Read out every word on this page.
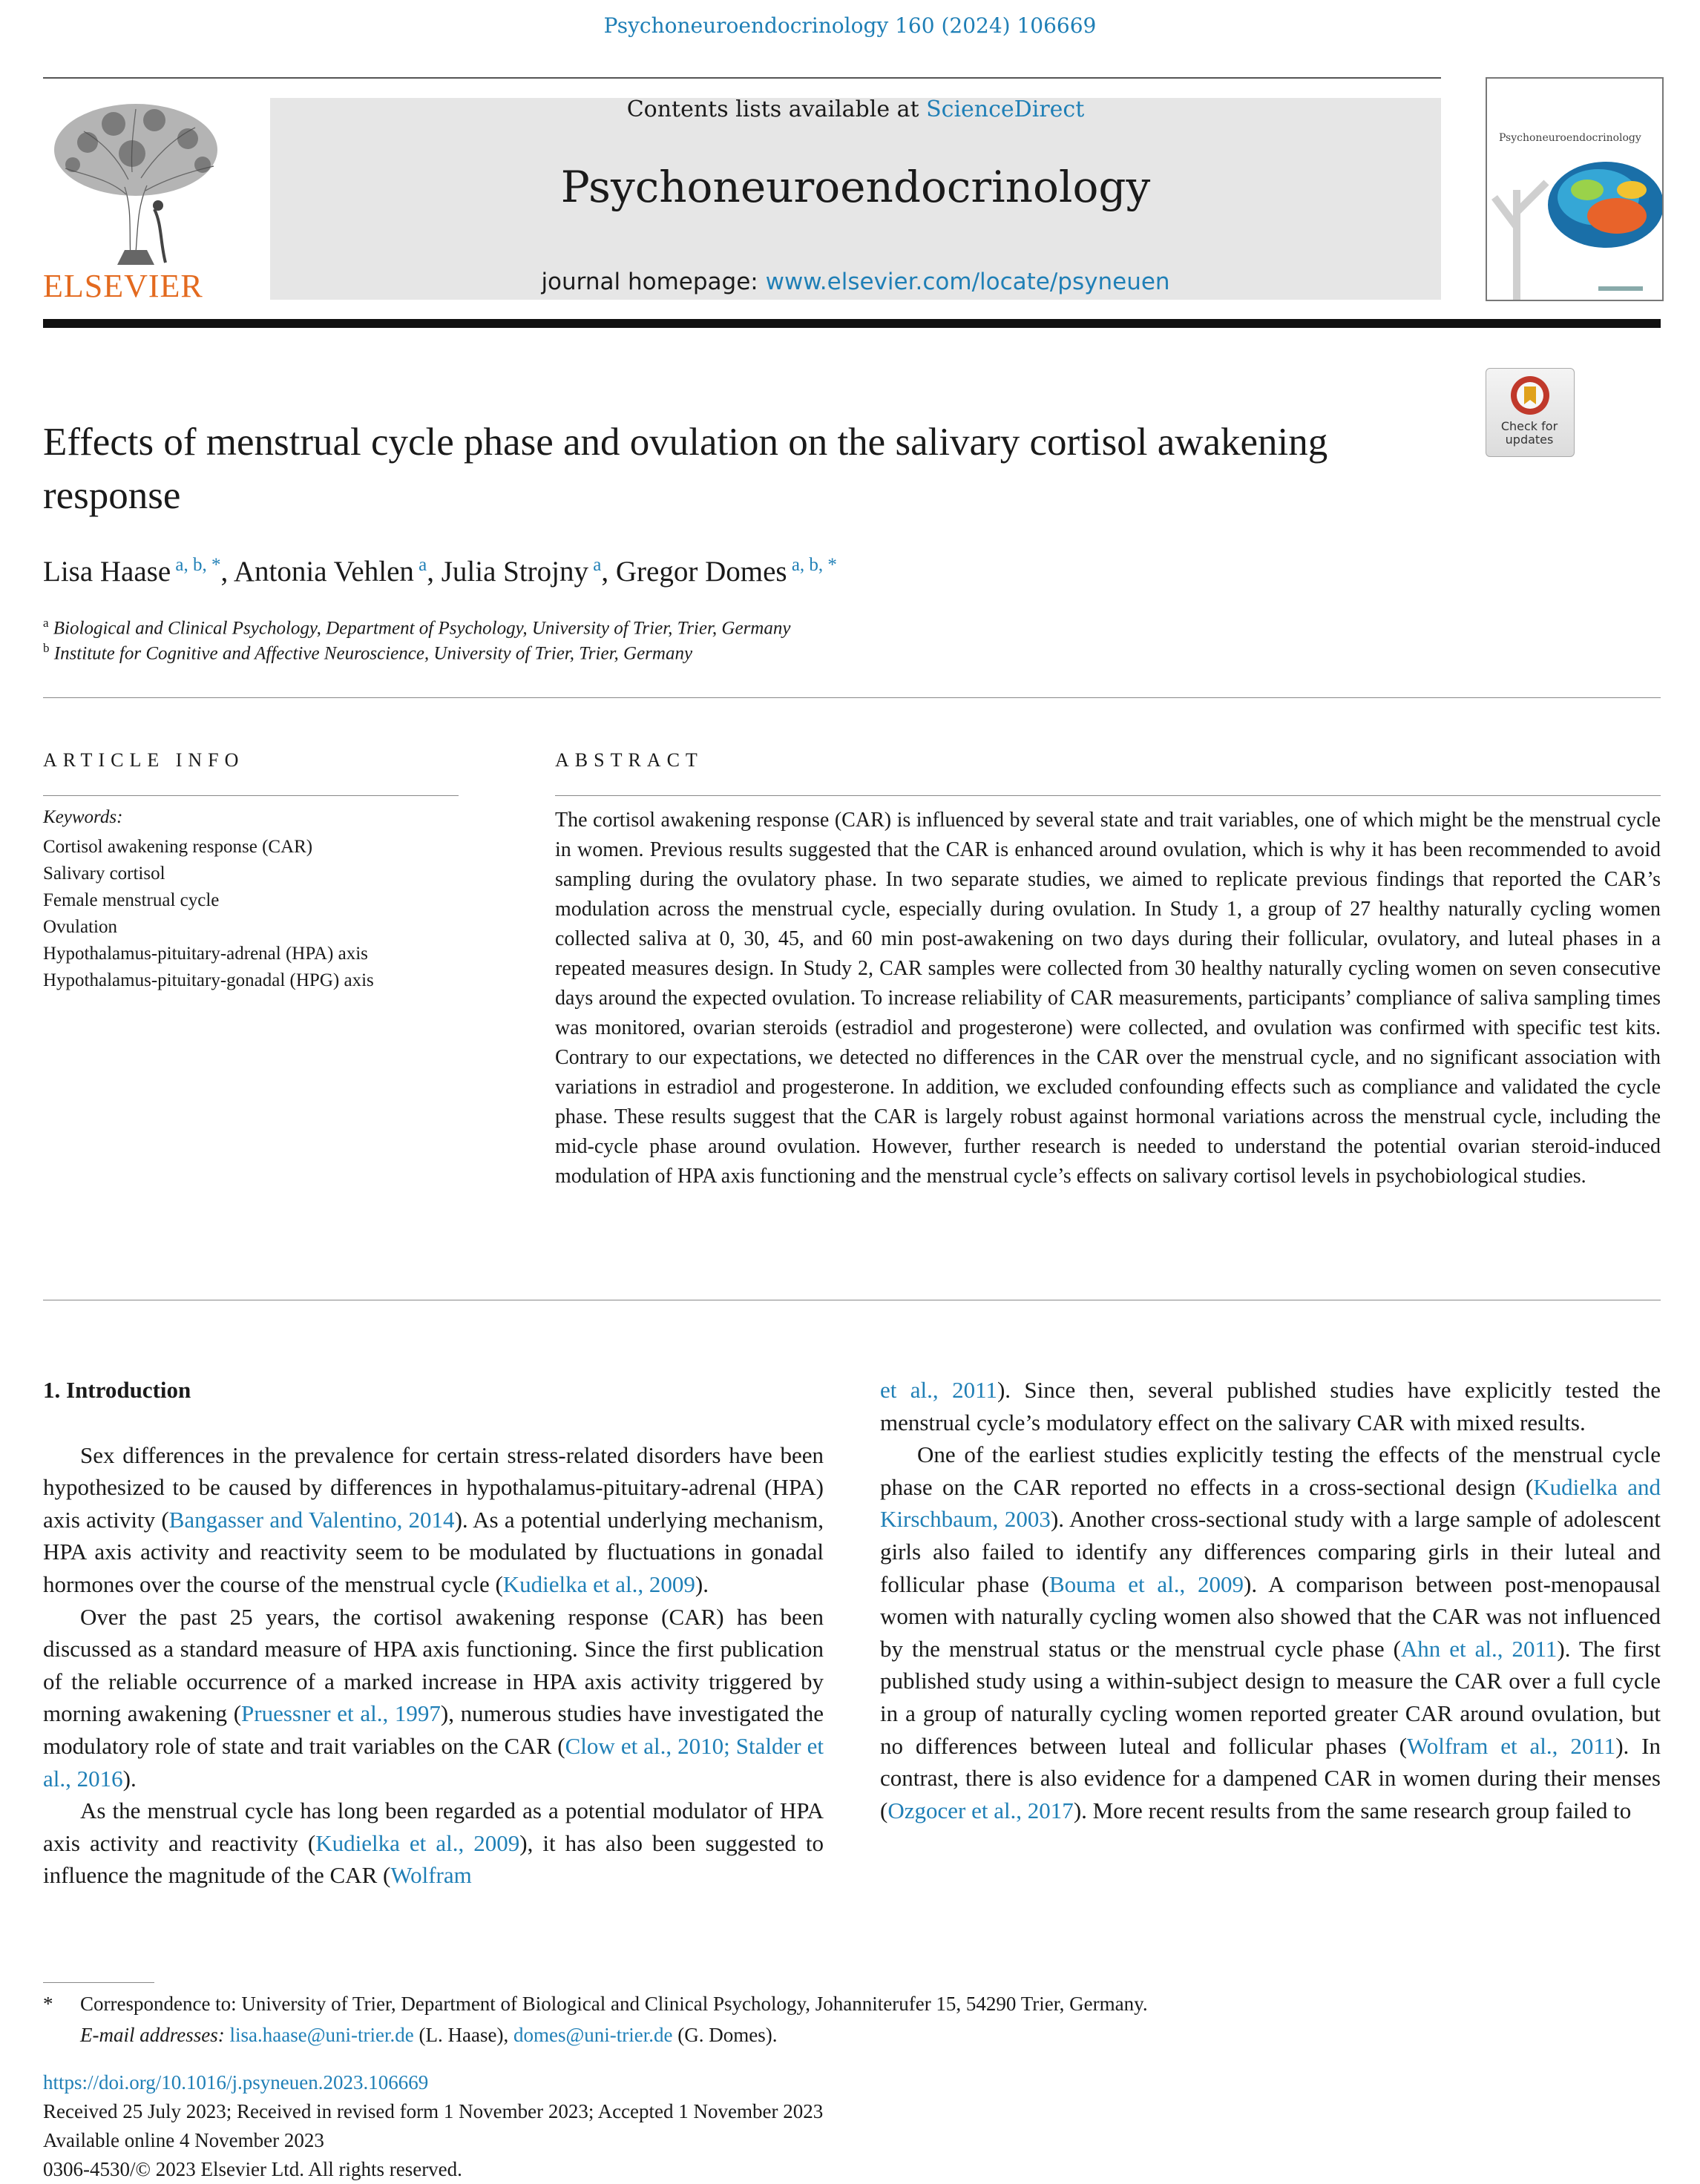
Psychoneuroendocrinology 160 (2024) 106669
ELSEVIER
Contents lists available at ScienceDirect
Psychoneuroendocrinology
journal homepage: www.elsevier.com/locate/psyneuen
Psychoneuroendocrinology
Check for updates
Effects of menstrual cycle phase and ovulation on the salivary cortisol awakening response
Lisa Haase $^{a, b, *}$, Antonia Vehlen $^a$, Julia Strojny $^a$, Gregor Domes $^{a, b, *}$
$^a$ Biological and Clinical Psychology, Department of Psychology, University of Trier, Trier, Germany
$^b$ Institute for Cognitive and Affective Neuroscience, University of Trier, Trier, Germany
ARTICLE INFO
Keywords:
Cortisol awakening response (CAR)
Salivary cortisol
Female menstrual cycle
Ovulation
Hypothalamus-pituitary-adrenal (HPA) axis
Hypothalamus-pituitary-gonadal (HPG) axis
ABSTRACT
The cortisol awakening response (CAR) is influenced by several state and trait variables, one of which might be the menstrual cycle in women. Previous results suggested that the CAR is enhanced around ovulation, which is why it has been recommended to avoid sampling during the ovulatory phase. In two separate studies, we aimed to replicate previous findings that reported the CAR’s modulation across the menstrual cycle, especially during ovulation. In Study 1, a group of 27 healthy naturally cycling women collected saliva at 0, 30, 45, and 60 min post-awakening on two days during their follicular, ovulatory, and luteal phases in a repeated measures design. In Study 2, CAR samples were collected from 30 healthy naturally cycling women on seven consecutive days around the expected ovulation. To increase reliability of CAR measurements, participants’ compliance of saliva sampling times was monitored, ovarian steroids (estradiol and progesterone) were collected, and ovulation was confirmed with specific test kits. Contrary to our expectations, we detected no differences in the CAR over the menstrual cycle, and no significant association with variations in estradiol and progesterone. In addition, we excluded confounding effects such as compliance and validated the cycle phase. These results suggest that the CAR is largely robust against hormonal variations across the menstrual cycle, including the mid-cycle phase around ovulation. However, further research is needed to understand the potential ovarian steroid-induced modulation of HPA axis functioning and the menstrual cycle’s effects on salivary cortisol levels in psychobiological studies.

1. Introduction

Sex differences in the prevalence for certain stress-related disorders have been hypothesized to be caused by differences in hypothalamus-pituitary-adrenal (HPA) axis activity (Bangasser and Valentino, 2014). As a potential underlying mechanism, HPA axis activity and reactivity seem to be modulated by fluctuations in gonadal hormones over the course of the menstrual cycle (Kudielka et al., 2009).

Over the past 25 years, the cortisol awakening response (CAR) has been discussed as a standard measure of HPA axis functioning. Since the first publication of the reliable occurrence of a marked increase in HPA axis activity triggered by morning awakening (Pruessner et al., 1997), numerous studies have investigated the modulatory role of state and trait variables on the CAR (Clow et al., 2010; Stalder et al., 2016).

As the menstrual cycle has long been regarded as a potential modulator of HPA axis activity and reactivity (Kudielka et al., 2009), it has also been suggested to influence the magnitude of the CAR (Wolfram

et al., 2011). Since then, several published studies have explicitly tested the menstrual cycle’s modulatory effect on the salivary CAR with mixed results.

One of the earliest studies explicitly testing the effects of the menstrual cycle phase on the CAR reported no effects in a cross-sectional design (Kudielka and Kirschbaum, 2003). Another cross-sectional study with a large sample of adolescent girls also failed to identify any differences comparing girls in their luteal and follicular phase (Bouma et al., 2009). A comparison between post-menopausal women with naturally cycling women also showed that the CAR was not influenced by the menstrual status or the menstrual cycle phase (Ahn et al., 2011). The first published study using a within-subject design to measure the CAR over a full cycle in a group of naturally cycling women reported greater CAR around ovulation, but no differences between luteal and follicular phases (Wolfram et al., 2011). In contrast, there is also evidence for a dampened CAR in women during their menses (Ozgocer et al., 2017). More recent results from the same research group failed to

* Correspondence to: University of Trier, Department of Biological and Clinical Psychology, Johanniterufer 15, 54290 Trier, Germany.
E-mail addresses: lisa.haase@uni-trier.de (L. Haase), domes@uni-trier.de (G. Domes).
https://doi.org/10.1016/j.psyneuen.2023.106669
Received 25 July 2023; Received in revised form 1 November 2023; Accepted 1 November 2023
Available online 4 November 2023
0306-4530/© 2023 Elsevier Ltd. All rights reserved.
